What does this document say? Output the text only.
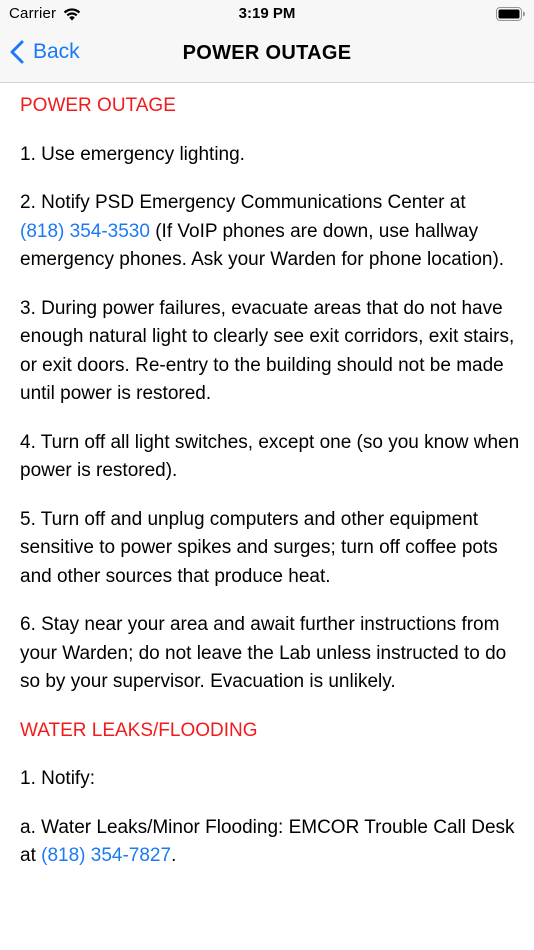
Carrier	3:19 PM
Back	POWER OUTAGE
POWER OUTAGE

1. Use emergency lighting.

2. Notify PSD Emergency Communications Center at
(818) 354-3530 (If VoIP phones are down, use hallway emergency phones. Ask your Warden for phone location).

3. During power failures, evacuate areas that do not have enough natural light to clearly see exit corridors, exit stairs, or exit doors. Re-entry to the building should not be made until power is restored.

4. Turn off all light switches, except one (so you know when power is restored).

5. Turn off and unplug computers and other equipment sensitive to power spikes and surges; turn off coffee pots and other sources that produce heat.

6. Stay near your area and await further instructions from your Warden; do not leave the Lab unless instructed to do so by your supervisor. Evacuation is unlikely.

WATER LEAKS/FLOODING

1. Notify:

a. Water Leaks/Minor Flooding: EMCOR Trouble Call Desk at (818) 354-7827.
